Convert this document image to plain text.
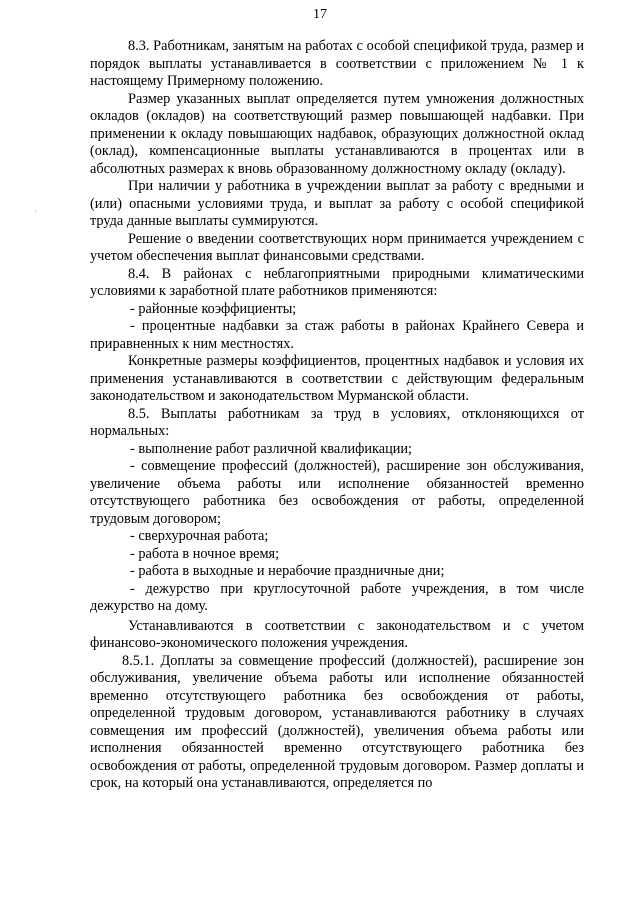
17
·

8.3. Работникам, занятым на работах с особой спецификой труда, размер и порядок выплаты устанавливается в соответствии с приложением № 1 к настоящему Примерному положению.

Размер указанных выплат определяется путем умножения должностных окладов (окладов) на соответствующий размер повышающей надбавки. При применении к окладу повышающих надбавок, образующих должностной оклад (оклад), компенсационные выплаты устанавливаются в процентах или в абсолютных размерах к вновь образованному должностному окладу (окладу).

При наличии у работника в учреждении выплат за работу с вредными и (или) опасными условиями труда, и выплат за работу с особой спецификой труда данные выплаты суммируются.

Решение о введении соответствующих норм принимается учреждением с учетом обеспечения выплат финансовыми средствами.

8.4. В районах с неблагоприятными природными климатическими условиями к заработной плате работников применяются:

- районные коэффициенты;

- процентные надбавки за стаж работы в районах Крайнего Севера и приравненных к ним местностях.

Конкретные размеры коэффициентов, процентных надбавок и условия их применения устанавливаются в соответствии с действующим федеральным законодательством и законодательством Мурманской области.

8.5. Выплаты работникам за труд в условиях, отклоняющихся от нормальных:

- выполнение работ различной квалификации;

- совмещение профессий (должностей), расширение зон обслуживания, увеличение объема работы или исполнение обязанностей временно отсутствующего работника без освобождения от работы, определенной трудовым договором;

- сверхурочная работа;

- работа в ночное время;

- работа в выходные и нерабочие праздничные дни;

- дежурство при круглосуточной работе учреждения, в том числе дежурство на дому.

Устанавливаются в соответствии с законодательством и с учетом финансово-экономического положения учреждения.

8.5.1. Доплаты за совмещение профессий (должностей), расширение зон обслуживания, увеличение объема работы или исполнение обязанностей временно отсутствующего работника без освобождения от работы, определенной трудовым договором, устанавливаются работнику в случаях совмещения им профессий (должностей), увеличения объема работы или исполнения обязанностей временно отсутствующего работника без освобождения от работы, определенной трудовым договором. Размер доплаты и срок, на который она устанавливаются, определяется по
